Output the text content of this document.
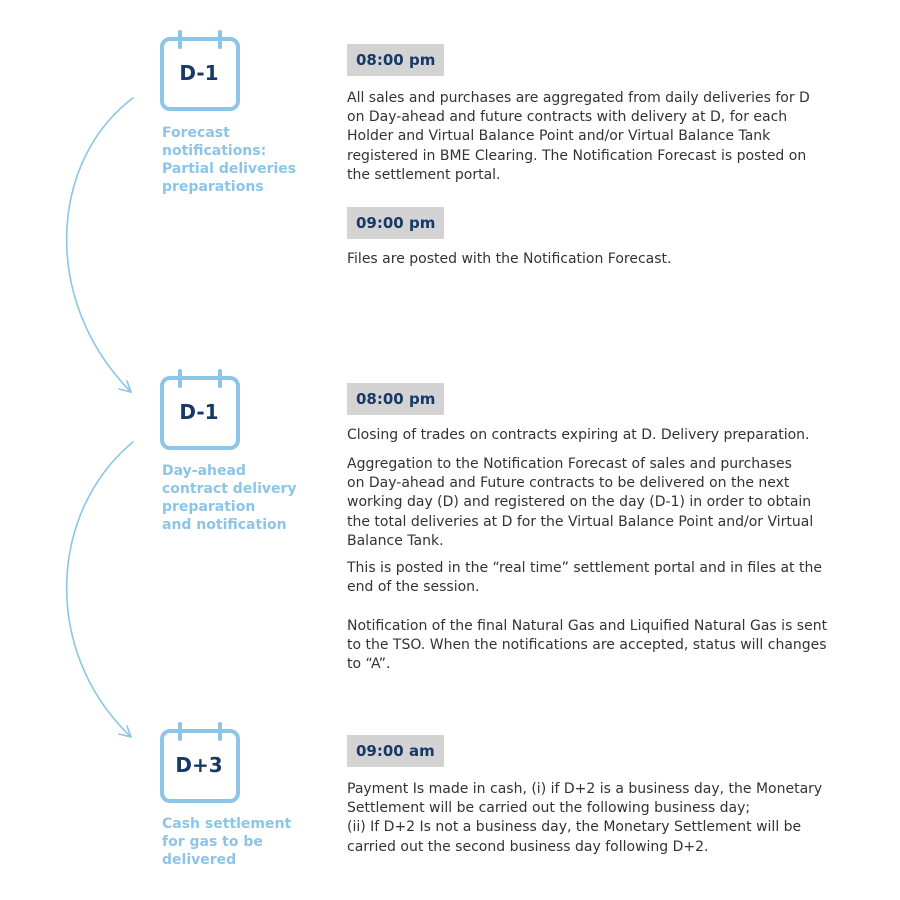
D-1

Forecast
notifications:
Partial deliveries
preparations

08:00 pm

All sales and purchases are aggregated from daily deliveries for D
on Day-ahead and future contracts with delivery at D, for each
Holder and Virtual Balance Point and/or Virtual Balance Tank
registered in BME Clearing. The Notification Forecast is posted on
the settlement portal.

09:00 pm

Files are posted with the Notification Forecast.

D-1

Day-ahead
contract delivery
preparation
and notification

08:00 pm

Closing of trades on contracts expiring at D. Delivery preparation.

Aggregation to the Notification Forecast of sales and purchases
on Day-ahead and Future contracts to be delivered on the next
working day (D) and registered on the day (D-1) in order to obtain
the total deliveries at D for the Virtual Balance Point and/or Virtual
Balance Tank.

This is posted in the “real time” settlement portal and in files at the
end of the session.

Notification of the final Natural Gas and Liquified Natural Gas is sent
to the TSO. When the notifications are accepted, status will changes
to “A”.

D+3

Cash settlement
for gas to be
delivered

09:00 am

Payment Is made in cash, (i) if D+2 is a business day, the Monetary
Settlement will be carried out the following business day;
(ii) If D+2 Is not a business day, the Monetary Settlement will be
carried out the second business day following D+2.
